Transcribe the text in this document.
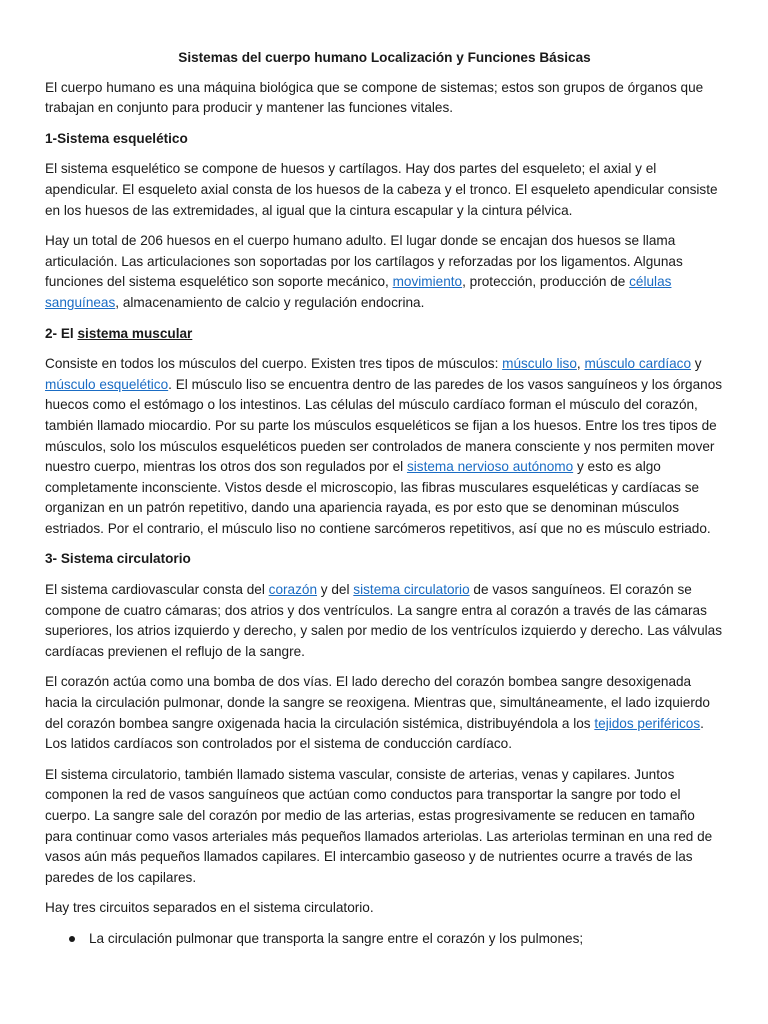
Sistemas del cuerpo humano Localización y Funciones Básicas

El cuerpo humano es una máquina biológica que se compone de sistemas; estos son grupos de órganos que trabajan en conjunto para producir y mantener las funciones vitales.

1-Sistema esquelético

El sistema esquelético se compone de huesos y cartílagos. Hay dos partes del esqueleto; el axial y el apendicular. El esqueleto axial consta de los huesos de la cabeza y el tronco. El esqueleto apendicular consiste en los huesos de las extremidades, al igual que la cintura escapular y la cintura pélvica.

Hay un total de 206 huesos en el cuerpo humano adulto. El lugar donde se encajan dos huesos se llama articulación. Las articulaciones son soportadas por los cartílagos y reforzadas por los ligamentos. Algunas funciones del sistema esquelético son soporte mecánico, movimiento, protección, producción de células sanguíneas, almacenamiento de calcio y regulación endocrina.

2- El sistema muscular

Consiste en todos los músculos del cuerpo. Existen tres tipos de músculos: músculo liso, músculo cardíaco y músculo esquelético. El músculo liso se encuentra dentro de las paredes de los vasos sanguíneos y los órganos huecos como el estómago o los intestinos. Las células del músculo cardíaco forman el músculo del corazón, también llamado miocardio. Por su parte los músculos esqueléticos se fijan a los huesos. Entre los tres tipos de músculos, solo los músculos esqueléticos pueden ser controlados de manera consciente y nos permiten mover nuestro cuerpo, mientras los otros dos son regulados por el sistema nervioso autónomo y esto es algo completamente inconsciente. Vistos desde el microscopio, las fibras musculares esqueléticas y cardíacas se organizan en un patrón repetitivo, dando una apariencia rayada, es por esto que se denominan músculos estriados. Por el contrario, el músculo liso no contiene sarcómeros repetitivos, así que no es músculo estriado.

3- Sistema circulatorio

El sistema cardiovascular consta del corazón y del sistema circulatorio de vasos sanguíneos. El corazón se compone de cuatro cámaras; dos atrios y dos ventrículos. La sangre entra al corazón a través de las cámaras superiores, los atrios izquierdo y derecho, y salen por medio de los ventrículos izquierdo y derecho. Las válvulas cardíacas previenen el reflujo de la sangre.

El corazón actúa como una bomba de dos vías. El lado derecho del corazón bombea sangre desoxigenada hacia la circulación pulmonar, donde la sangre se reoxigena. Mientras que, simultáneamente, el lado izquierdo del corazón bombea sangre oxigenada hacia la circulación sistémica, distribuyéndola a los tejidos periféricos. Los latidos cardíacos son controlados por el sistema de conducción cardíaco.

El sistema circulatorio, también llamado sistema vascular, consiste de arterias, venas y capilares. Juntos componen la red de vasos sanguíneos que actúan como conductos para transportar la sangre por todo el cuerpo. La sangre sale del corazón por medio de las arterias, estas progresivamente se reducen en tamaño para continuar como vasos arteriales más pequeños llamados arteriolas. Las arteriolas terminan en una red de vasos aún más pequeños llamados capilares. El intercambio gaseoso y de nutrientes ocurre a través de las paredes de los capilares.

Hay tres circuitos separados en el sistema circulatorio.

La circulación pulmonar que transporta la sangre entre el corazón y los pulmones;
